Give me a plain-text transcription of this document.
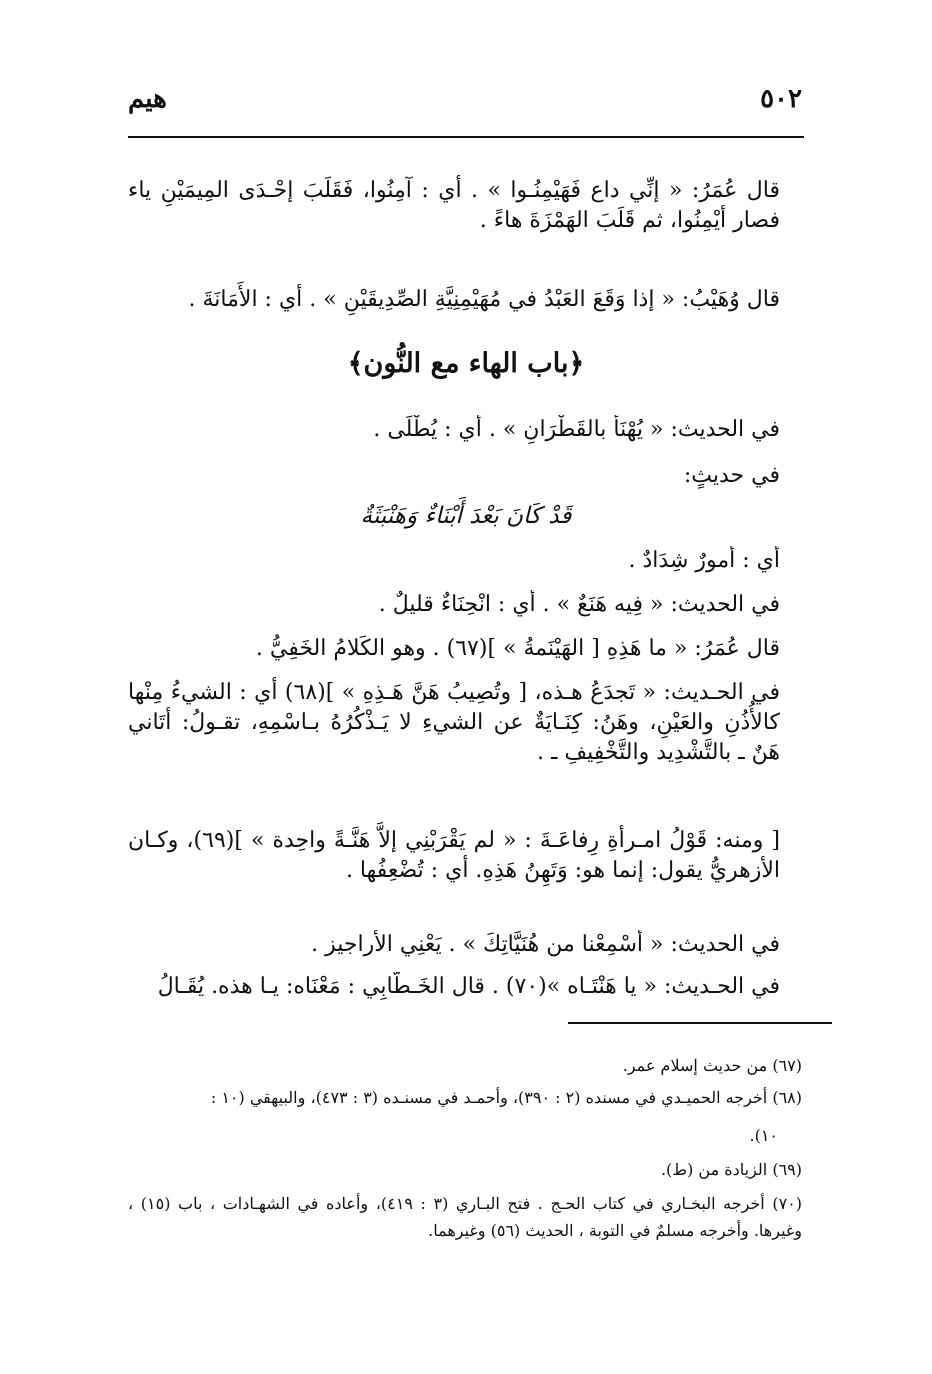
٥٠٢
هيم
قال عُمَرُ: « إنِّي داع فَهَيْمِنُـوا » . أي : آمِنُوا، فَقَلَبَ إحْـدَى المِيمَيْنِ ياء فصار أيْمِنُوا، ثم قَلَبَ الهَمْزَةَ هاءً .
قال وُهَيْبُ: « إذا وَقَعَ العَبْدُ في مُهَيْمِنِيَّةِ الصِّدِيقَيْنِ » . أي : الأَمَانَةَ .
﴿باب الهاء مع النُّون﴾
في الحديث: « يُهْنَأُ بالقَطْرَانِ » . أي : يُطْلَى .
في حديثٍ:
قَدْ كَانَ بَعْدَ أَبْنَاءٌ وَهَنْبَثَةٌ
أي : أُمورٌ شِدَادٌ .
في الحديث: « فِيه هَنَعٌ » . أي : انْحِنَاءٌ قليلٌ .
قال عُمَرُ: « ما هَذِهِ [ الهَيْنَمةُ » ](٦٧) . وهو الكَلامُ الخَفِيُّ .
في الحـديث: « تَجدَعُ هـذه، [ وتُصِيبُ هَنَّ هَـذِهِ » ](٦٨) أي : الشيءُ مِنْها كالأُذُنِ والعَيْنِ، وهَنُ: كِنَـايَةٌ عن الشيءِ لا يَـذْكُرُهُ بـاسْمِهِ، تقـولُ: أتَاني هَنٌ ـ بالتَّشْدِيد والتَّخْفِيفِ ـ .
[ ومنه: قَوْلُ امـرأةِ رِفاعَـةَ : « لم يَقْرَبْنِي إلاَّ هَنَّـةً واحِدة » ](٦٩)، وكـان الأزهريُّ يقول: إنما هو: وَتَهِنُ هَذِهِ. أي : تُضْعِفُها .
في الحديث: « أَسْمِعْنا من هُنَيَّاتِكَ » . يَعْنِي الأراجيز .
في الحـديث: « يا هَنْتَـاه »(٧٠) . قال الخَـطَّابِي : مَعْنَاه: يـا هذه. يُقَـالُ
(٦٧) من حديث إسلام عمر.
(٦٨) أخرجه الحميـدي في مسنده (٢ : ٣٩٠)، وأحمـد في مسنـده (٣ : ٤٧٣)، والبيهقي (١٠ :
١٠).
(٦٩) الزيادة من (ط).
(٧٠) أخرجه البخـاري في كتاب الحـج . فتح البـاري (٣ : ٤١٩)، وأعاده في الشهـادات ، باب (١٥) ، وغيرها. وأخرجه مسلمٌ في التوبة ، الحديث (٥٦) وغيرهما.
